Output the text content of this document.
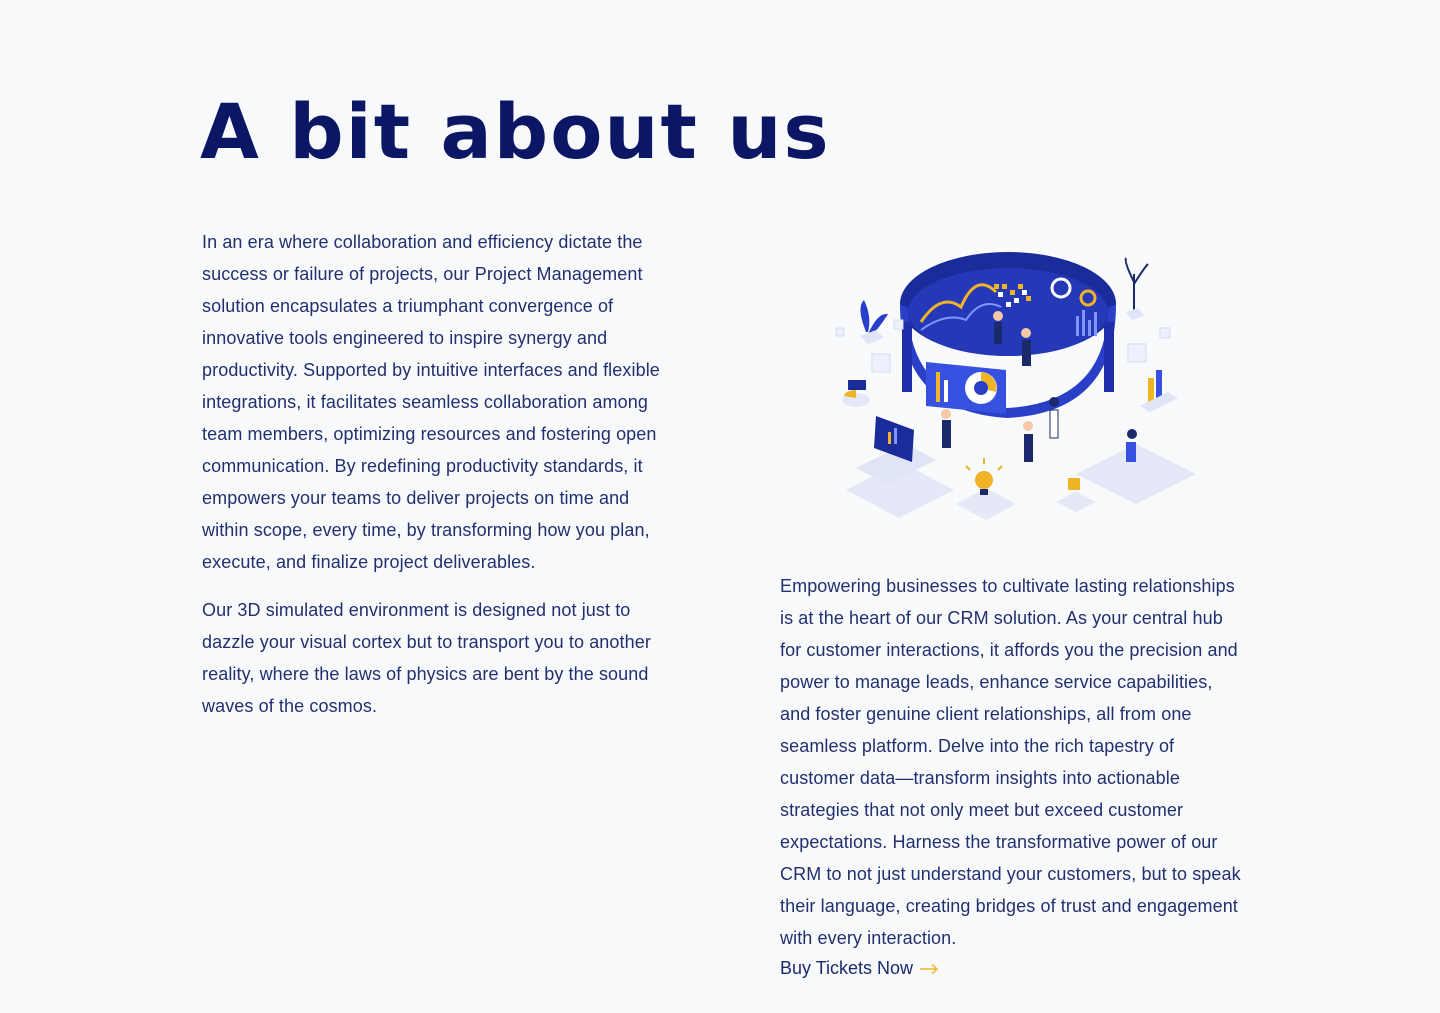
A bit about us

In an era where collaboration and efficiency dictate the success or failure of projects, our Project Management solution encapsulates a triumphant convergence of innovative tools engineered to inspire synergy and productivity. Supported by intuitive interfaces and flexible integrations, it facilitates seamless collaboration among team members, optimizing resources and fostering open communication. By redefining productivity standards, it empowers your teams to deliver projects on time and within scope, every time, by transforming how you plan, execute, and finalize project deliverables.

Our 3D simulated environment is designed not just to dazzle your visual cortex but to transport you to another reality, where the laws of physics are bent by the sound waves of the cosmos.

Empowering businesses to cultivate lasting relationships is at the heart of our CRM solution. As your central hub for customer interactions, it affords you the precision and power to manage leads, enhance service capabilities, and foster genuine client relationships, all from one seamless platform. Delve into the rich tapestry of customer data—transform insights into actionable strategies that not only meet but exceed customer expectations. Harness the transformative power of our CRM to not just understand your customers, but to speak their language, creating bridges of trust and engagement with every interaction.

Buy Tickets Now
